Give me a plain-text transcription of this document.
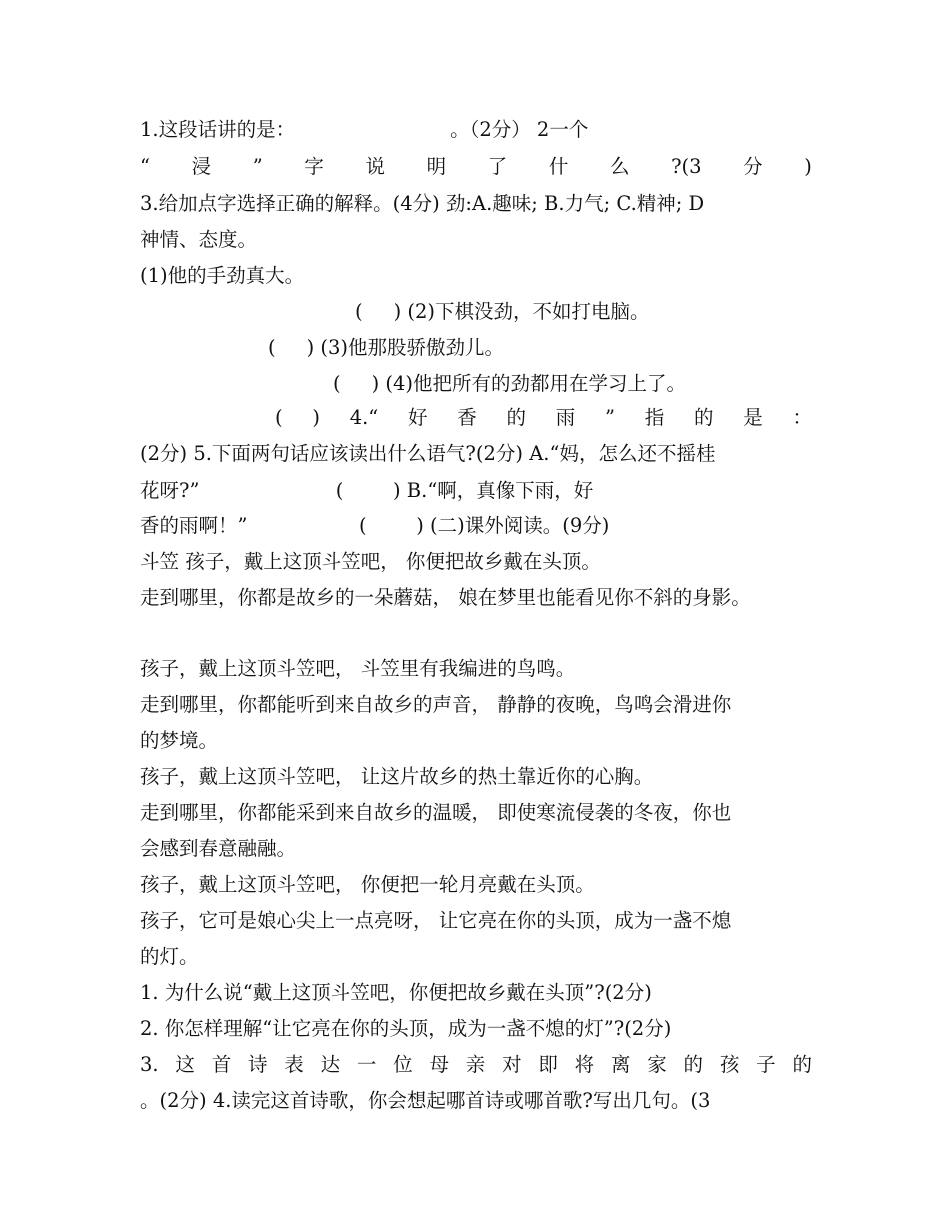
1.这段话讲的是：                         。（2分） 2一个
“ 浸 ” 字 说 明 了 什 么 ?(3 分 )
3.给加点字选择正确的解释。(4分) 劲:A.趣味; B.力气; C.精神; D
神情、态度。
(1)他的手劲真大。
(     ) (2)下棋没劲，不如打电脑。
(     ) (3)他那股骄傲劲儿。
(     ) (4)他把所有的劲都用在学习上了。
( ) 4.“ 好 香 的 雨 ” 指 的 是 ：
(2分) 5.下面两句话应该读出什么语气?(2分) A.“妈，怎么还不摇桂
花呀?”                      (        ) B.“啊，真像下雨，好
香的雨啊！”                  (        ) (二)课外阅读。(9分)
斗笠 孩子，戴上这顶斗笠吧， 你便把故乡戴在头顶。
走到哪里，你都是故乡的一朵蘑菇， 娘在梦里也能看见你不斜的身影。
孩子，戴上这顶斗笠吧， 斗笠里有我编进的鸟鸣。
走到哪里，你都能听到来自故乡的声音， 静静的夜晚，鸟鸣会滑进你
的梦境。
孩子，戴上这顶斗笠吧， 让这片故乡的热土靠近你的心胸。
走到哪里，你都能采到来自故乡的温暖， 即使寒流侵袭的冬夜，你也
会感到春意融融。
孩子，戴上这顶斗笠吧， 你便把一轮月亮戴在头顶。
孩子，它可是娘心尖上一点亮呀， 让它亮在你的头顶，成为一盏不熄
的灯。
1. 为什么说“戴上这顶斗笠吧，你便把故乡戴在头顶”?(2分)
2. 你怎样理解“让它亮在你的头顶，成为一盏不熄的灯”?(2分)
3. 这 首 诗 表 达 一 位 母 亲 对 即 将 离 家 的 孩 子 的
。(2分) 4.读完这首诗歌，你会想起哪首诗或哪首歌?写出几句。(3
